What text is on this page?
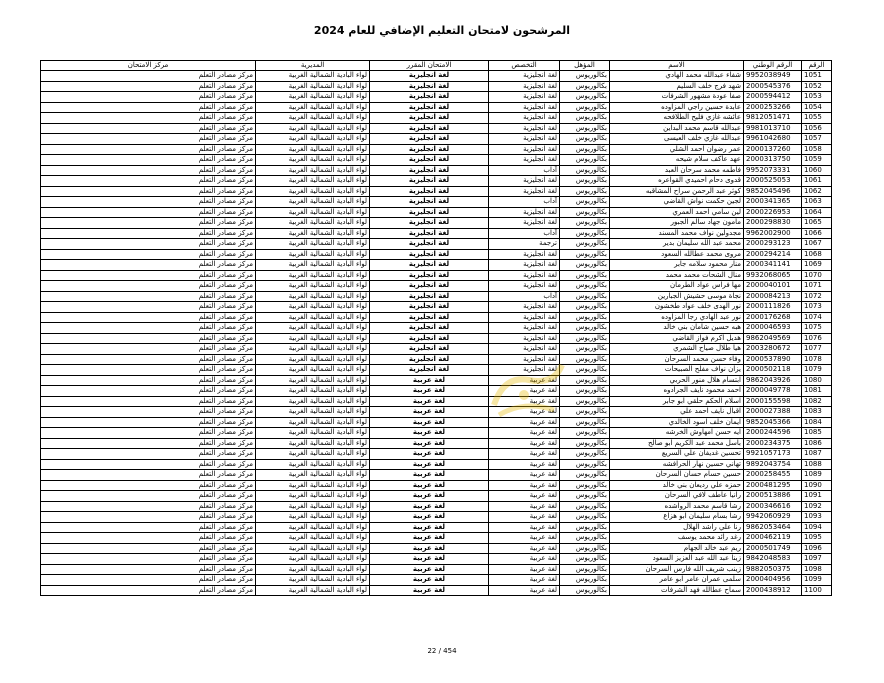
المرشحون لامتحان التعليم الإضافي للعام 2024
الرقم	الرقم الوطني	الاسم	المؤهل	التخصص	الامتحان المقرر	المديرية	مركز الامتحان
1051	9952038949	شفاء عبدالله محمد الهادي	بكالوريوس	لغة انجليزية	لغة انجليزية	لواء البادية الشمالية الغربية	مركز مصادر التعلم
1052	2000545376	شهد فرج خلف السليم	بكالوريوس	لغة انجليزية	لغة انجليزية	لواء البادية الشمالية الغربية	مركز مصادر التعلم
1053	2000594412	صفا عودة مشهور الشرفات	بكالوريوس	لغة انجليزية	لغة انجليزية	لواء البادية الشمالية الغربية	مركز مصادر التعلم
1054	2000253266	عابدة حسين راجي المزاوده	بكالوريوس	لغة انجليزية	لغة انجليزية	لواء البادية الشمالية الغربية	مركز مصادر التعلم
1055	9812051471	عائشه غازي فليح الطلافحه	بكالوريوس	لغة انجليزية	لغة انجليزية	لواء البادية الشمالية الغربية	مركز مصادر التعلم
1056	9981013710	عبدالله قاسم محمد البداين	بكالوريوس	لغة انجليزية	لغة انجليزية	لواء البادية الشمالية الغربية	مركز مصادر التعلم
1057	9961042680	عبدالله غازي خلف العيسى	بكالوريوس	لغة انجليزية	لغة انجليزية	لواء البادية الشمالية الغربية	مركز مصادر التعلم
1058	2000137260	عمر رضوان احمد الشلي	بكالوريوس	لغة انجليزية	لغة انجليزية	لواء البادية الشمالية الغربية	مركز مصادر التعلم
1059	2000313750	عهد عاكف سلام شيحه	بكالوريوس	لغة انجليزية	لغة انجليزية	لواء البادية الشمالية الغربية	مركز مصادر التعلم
1060	9952073331	فاطمه محمد سرحان العبد	بكالوريوس	آداب	لغة انجليزية	لواء البادية الشمالية الغربية	مركز مصادر التعلم
1061	2000525053	قدوى دحام احميدي القواعره	بكالوريوس	لغة انجليزية	لغة انجليزية	لواء البادية الشمالية الغربية	مركز مصادر التعلم
1062	9852045496	كوثر عبد الرحمن سراح المشاقبه	بكالوريوس	لغة انجليزية	لغة انجليزية	لواء البادية الشمالية الغربية	مركز مصادر التعلم
1063	2000341365	لجين حكمت نواش القاضي	بكالوريوس	آداب	لغة انجليزية	لواء البادية الشمالية الغربية	مركز مصادر التعلم
1064	2000226953	لين سامي احمد العمري	بكالوريوس	لغة انجليزية	لغة انجليزية	لواء البادية الشمالية الغربية	مركز مصادر التعلم
1065	2000298830	مأمون جهاد سالم الجبور	بكالوريوس	لغة انجليزية	لغة انجليزية	لواء البادية الشمالية الغربية	مركز مصادر التعلم
1066	9962002900	مجدولين نواف محمد المسند	بكالوريوس	آداب	لغة انجليزية	لواء البادية الشمالية الغربية	مركز مصادر التعلم
1067	2000293123	محمد عبد الله سليمان بدير	بكالوريوس	ترجمة	لغة انجليزية	لواء البادية الشمالية الغربية	مركز مصادر التعلم
1068	2000294214	مروى محمد عطالله السعود	بكالوريوس	لغة انجليزية	لغة انجليزية	لواء البادية الشمالية الغربية	مركز مصادر التعلم
1069	2000341141	منار محمود سلامه جابر	بكالوريوس	لغة انجليزية	لغة انجليزية	لواء البادية الشمالية الغربية	مركز مصادر التعلم
1070	9932068065	منال الشحات محمد محمد	بكالوريوس	لغة انجليزية	لغة انجليزية	لواء البادية الشمالية الغربية	مركز مصادر التعلم
1071	2000040101	مها فراس عواد الطرمان	بكالوريوس	لغة انجليزية	لغة انجليزية	لواء البادية الشمالية الغربية	مركز مصادر التعلم
1072	2000084213	نجاة موسى حشيش الجبارين	بكالوريوس	آداب	لغة انجليزية	لواء البادية الشمالية الغربية	مركز مصادر التعلم
1073	2000111826	نور الهدى خلف عواد طخشون	بكالوريوس	لغة انجليزية	لغة انجليزية	لواء البادية الشمالية الغربية	مركز مصادر التعلم
1074	2000176268	نور عبد الهادي رجا المزاوده	بكالوريوس	لغة انجليزية	لغة انجليزية	لواء البادية الشمالية الغربية	مركز مصادر التعلم
1075	2000046593	هبه حسين شامان بني خالد	بكالوريوس	لغة انجليزية	لغة انجليزية	لواء البادية الشمالية الغربية	مركز مصادر التعلم
1076	9862049569	هديل اكرم فواز القاضي	بكالوريوس	لغة انجليزية	لغة انجليزية	لواء البادية الشمالية الغربية	مركز مصادر التعلم
1077	2003280672	هيا طلال صياح الشمري	بكالوريوس	لغة انجليزية	لغة انجليزية	لواء البادية الشمالية الغربية	مركز مصادر التعلم
1078	2000537890	وفاء حسن محمد السرحان	بكالوريوس	لغة انجليزية	لغة انجليزية	لواء البادية الشمالية الغربية	مركز مصادر التعلم
1079	2000502118	يزان نواف مفلح الصبيحات	بكالوريوس	لغة انجليزية	لغة انجليزية	لواء البادية الشمالية الغربية	مركز مصادر التعلم
1080	9862043926	ابتسام هلال منور الحربي	بكالوريوس	لغة عربية	لغة عربية	لواء البادية الشمالية الغربية	مركز مصادر التعلم
1081	2000049778	احمد محمود نايف الجرادوه	بكالوريوس	لغة عربية	لغة عربية	لواء البادية الشمالية الغربية	مركز مصادر التعلم
1082	2000155598	اسلام الحكم حلقي ابو جابر	بكالوريوس	لغة عربية	لغة عربية	لواء البادية الشمالية الغربية	مركز مصادر التعلم
1083	2000027388	اقبال نايف احمد علي	بكالوريوس	لغة عربية	لغة عربية	لواء البادية الشمالية الغربية	مركز مصادر التعلم
1084	9852045366	ايمان خلف اسود الخالدي	بكالوريوس	لغة عربية	لغة عربية	لواء البادية الشمالية الغربية	مركز مصادر التعلم
1085	2000244596	ايه حسن امهاوش الخرشه	بكالوريوس	لغة عربية	لغة عربية	لواء البادية الشمالية الغربية	مركز مصادر التعلم
1086	2000234375	باسل محمد عبد الكريم ابو صالح	بكالوريوس	لغة عربية	لغة عربية	لواء البادية الشمالية الغربية	مركز مصادر التعلم
1087	9921057173	تحسين غديفان علي السريع	بكالوريوس	لغة عربية	لغة عربية	لواء البادية الشمالية الغربية	مركز مصادر التعلم
1088	9892043754	تهاني حسين نهار الحرافشه	بكالوريوس	لغة عربية	لغة عربية	لواء البادية الشمالية الغربية	مركز مصادر التعلم
1089	2000258455	حسين حسام حسان السرحان	بكالوريوس	لغة عربية	لغة عربية	لواء البادية الشمالية الغربية	مركز مصادر التعلم
1090	2000481295	حمزه علي رديعان بني خالد	بكالوريوس	لغة عربية	لغة عربية	لواء البادية الشمالية الغربية	مركز مصادر التعلم
1091	2000513886	رانيا عاطف لافي السرحان	بكالوريوس	لغة عربية	لغة عربية	لواء البادية الشمالية الغربية	مركز مصادر التعلم
1092	2000346616	رشا قاسم محمد الرواشده	بكالوريوس	لغة عربية	لغة عربية	لواء البادية الشمالية الغربية	مركز مصادر التعلم
1093	9942060929	رشا بسام سليمان ابو هزاع	بكالوريوس	لغة عربية	لغة عربية	لواء البادية الشمالية الغربية	مركز مصادر التعلم
1094	9862053464	رنا علي راشد الهلال	بكالوريوس	لغة عربية	لغة عربية	لواء البادية الشمالية الغربية	مركز مصادر التعلم
1095	2000462119	رغد رائد محمد يوسف	بكالوريوس	لغة عربية	لغة عربية	لواء البادية الشمالية الغربية	مركز مصادر التعلم
1096	2000501749	ريم عبد خالد الجهام	بكالوريوس	لغة عربية	لغة عربية	لواء البادية الشمالية الغربية	مركز مصادر التعلم
1097	9842048583	زينا عبد الله عبد العزيز السعود	بكالوريوس	لغة عربية	لغة عربية	لواء البادية الشمالية الغربية	مركز مصادر التعلم
1098	9882050375	زينب شريف الله فارس السرحان	بكالوريوس	لغة عربية	لغة عربية	لواء البادية الشمالية الغربية	مركز مصادر التعلم
1099	2000404956	سلمى عمران عامر ابو عامر	بكالوريوس	لغة عربية	لغة عربية	لواء البادية الشمالية الغربية	مركز مصادر التعلم
1100	2000438912	سماح عطالله فهد الشرفات	بكالوريوس	لغة عربية	لغة عربية	لواء البادية الشمالية الغربية	مركز مصادر التعلم
22 / 454
